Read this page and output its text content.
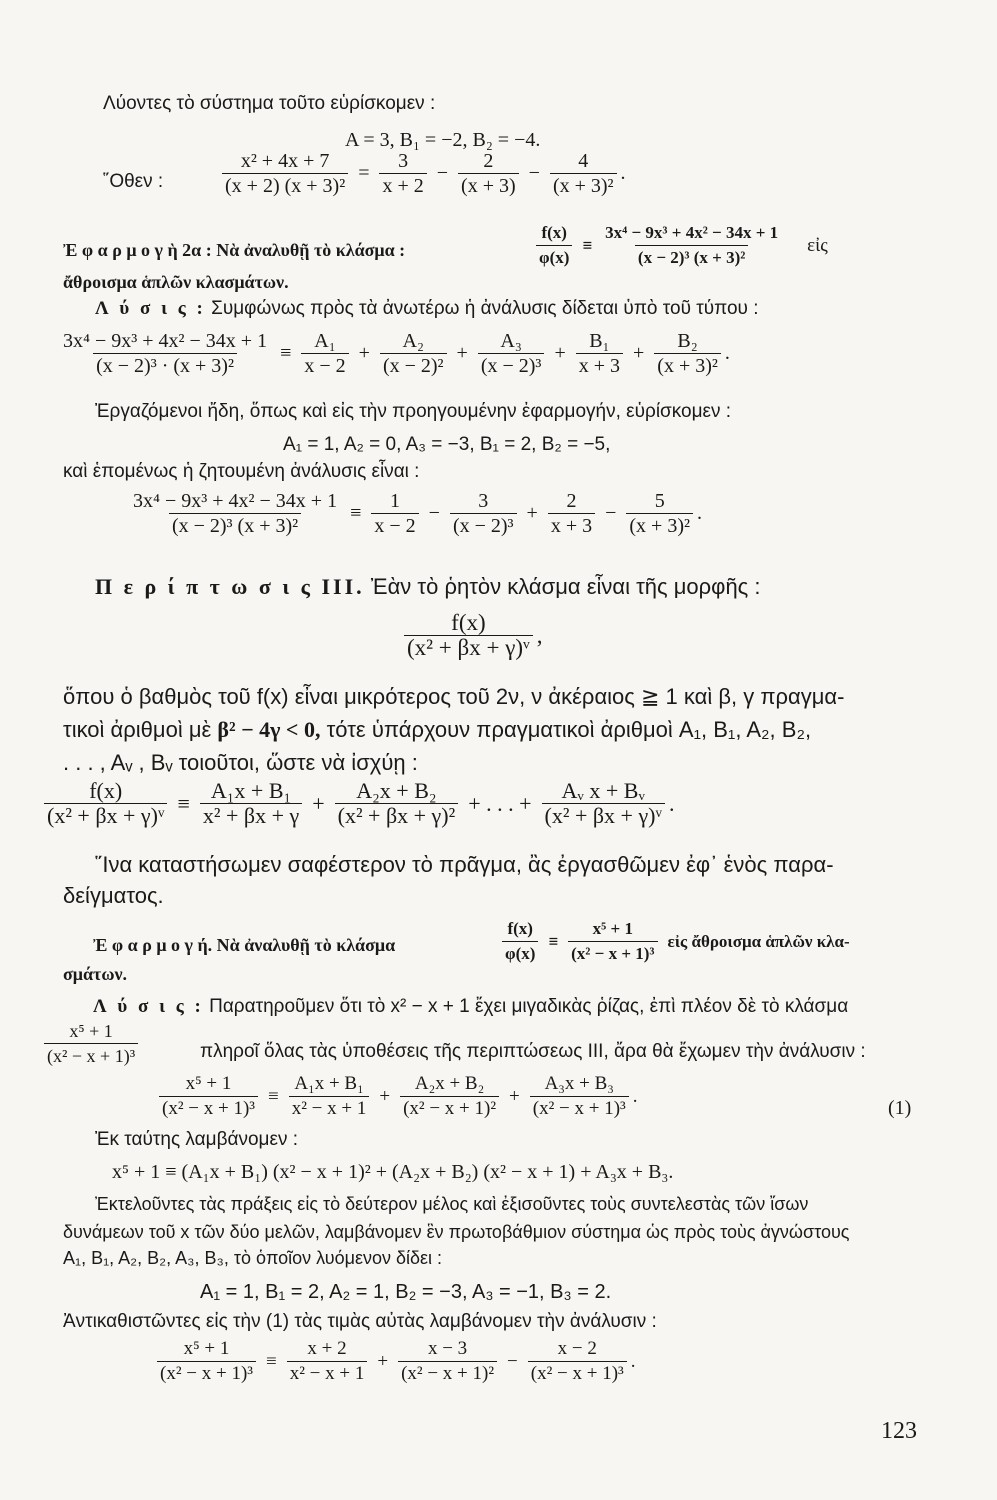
Λύοντες τὸ σύστημα τοῦτο εὑρίσκομεν :
A = 3, B₁ = −2, B₂ = −4.
῞Οθεν :	$\frac{\text{x² + 4x + 7}}{\text{(x + 2) (x + 3)²}} = \frac{3}{x + 2} - \frac{2}{(x + 3)} - \frac{4}{\text{(x + 3)²}}$ .
Ἐ φ α ρ μ ο γ ὴ 2α : Νὰ ἀναλυθῇ τὸ κλάσμα :	$\frac{f(x)}{\varphi(x)} \equiv \frac{\text{3x⁴ − 9x³ + 4x² − 34x + 1}}{\text{(x − 2)³ (x + 3)²}}$ εἰς
ἄθροισμα ἁπλῶν κλασμάτων.
Λ ύ σ ι ς : Συμφώνως πρὸς τὰ ἀνωτέρω ἡ ἀνάλυσις δίδεται ὑπὸ τοῦ τύπου :
$\frac{\text{3x⁴ − 9x³ + 4x² − 34x + 1}}{\text{(x − 2)³ · (x + 3)²}} \equiv \frac{\text{A₁}}{x - 2} + \frac{\text{A₂}}{\text{(x − 2)²}} + \frac{\text{A₃}}{\text{(x − 2)³}} + \frac{\text{B₁}}{x + 3} + \frac{\text{B₂}}{\text{(x + 3)²}}$ .
Ἐργαζόμενοι ἤδη, ὅπως καὶ εἰς τὴν προηγουμένην ἐφαρμογήν, εὑρίσκομεν :
A₁ = 1, A₂ = 0, A₃ = −3, B₁ = 2, B₂ = −5,
καὶ ἑπομένως ἡ ζητουμένη ἀνάλυσις εἶναι :
$\frac{\text{3x⁴ − 9x³ + 4x² − 34x + 1}}{\text{(x − 2)³ (x + 3)²}} \equiv \frac{1}{x - 2} - \frac{3}{\text{(x − 2)³}} + \frac{2}{x + 3} - \frac{5}{\text{(x + 3)²}}$ .
Π ε ρ ί π τ ω σ ι ς III. Ἐὰν τὸ ῥητὸν κλάσμα εἶναι τῆς μορφῆς :
$\frac{f(x)}{\text{(x² + βx + γ)ᵛ}}$ ,
ὅπου ὁ βαθμὸς τοῦ f(x) εἶναι μικρότερος τοῦ 2ν, ν ἀκέραιος ≧ 1 καὶ β, γ πραγμα-
τικοὶ ἀριθμοὶ μὲ β² − 4γ < 0, τότε ὑπάρχουν πραγματικοὶ ἀριθμοὶ A₁, B₁, A₂, B₂,
. . . , Aᵥ , Bᵥ τοιοῦτοι, ὥστε νὰ ἰσχύῃ :
$\frac{f(x)}{\text{(x² + βx + γ)ᵛ}} \equiv \frac{\text{A₁x + B₁}}{\text{x² + βx + γ}} + \frac{\text{A₂x + B₂}}{\text{(x² + βx + γ)²}}$ + . . . + $\frac{\text{Aᵥ x + Bᵥ}}{\text{(x² + βx + γ)ᵛ}}$ .
῞Ινα καταστήσωμεν σαφέστερον τὸ πρᾶγμα, ἂς ἐργασθῶμεν ἐφ᾽ ἑνὸς παρα-
δείγματος.
Ἐ φ α ρ μ ο γ ή. Νὰ ἀναλυθῇ τὸ κλάσμα	$\frac{f(x)}{\varphi(x)} \equiv \frac{\text{x⁵ + 1}}{\text{(x² − x + 1)³}}$ εἰς ἄθροισμα ἁπλῶν κλα-
σμάτων.
Λ ύ σ ι ς : Παρατηροῦμεν ὅτι τὸ x² − x + 1 ἔχει μιγαδικὰς ῥίζας, ἐπὶ πλέον δὲ τὸ κλάσμα
$\frac{\text{x⁵ + 1}}{\text{(x² − x + 1)³}}$	πληροῖ ὅλας τὰς ὑποθέσεις τῆς περιπτώσεως III, ἄρα θὰ ἔχωμεν τὴν ἀνάλυσιν :
$\frac{\text{x⁵ + 1}}{\text{(x² − x + 1)³}} \equiv \frac{\text{A₁x + B₁}}{\text{x² − x + 1}} + \frac{\text{A₂x + B₂}}{\text{(x² − x + 1)²}} + \frac{\text{A₃x + B₃}}{\text{(x² − x + 1)³}}$ .
(1)
Ἐκ ταύτης λαμβάνομεν :
x⁵ + 1 ≡ (A₁x + B₁) (x² − x + 1)² + (A₂x + B₂) (x² − x + 1) + A₃x + B₃.
Ἐκτελοῦντες τὰς πράξεις εἰς τὸ δεύτερον μέλος καὶ ἐξισοῦντες τοὺς συντελεστὰς τῶν ἴσων
δυνάμεων τοῦ x τῶν δύο μελῶν, λαμβάνομεν ἓν πρωτοβάθμιον σύστημα ὡς πρὸς τοὺς ἀγνώστους
A₁, B₁, A₂, B₂, A₃, B₃, τὸ ὁποῖον λυόμενον δίδει :
A₁ = 1, B₁ = 2, A₂ = 1, B₂ = −3, A₃ = −1, B₃ = 2.
Ἀντικαθιστῶντες εἰς τὴν (1) τὰς τιμὰς αὐτὰς λαμβάνομεν τὴν ἀνάλυσιν :
$\frac{\text{x⁵ + 1}}{\text{(x² − x + 1)³}} \equiv \frac{x + 2}{\text{x² − x + 1}} + \frac{x - 3}{\text{(x² − x + 1)²}} - \frac{x - 2}{\text{(x² − x + 1)³}}$ .
123
